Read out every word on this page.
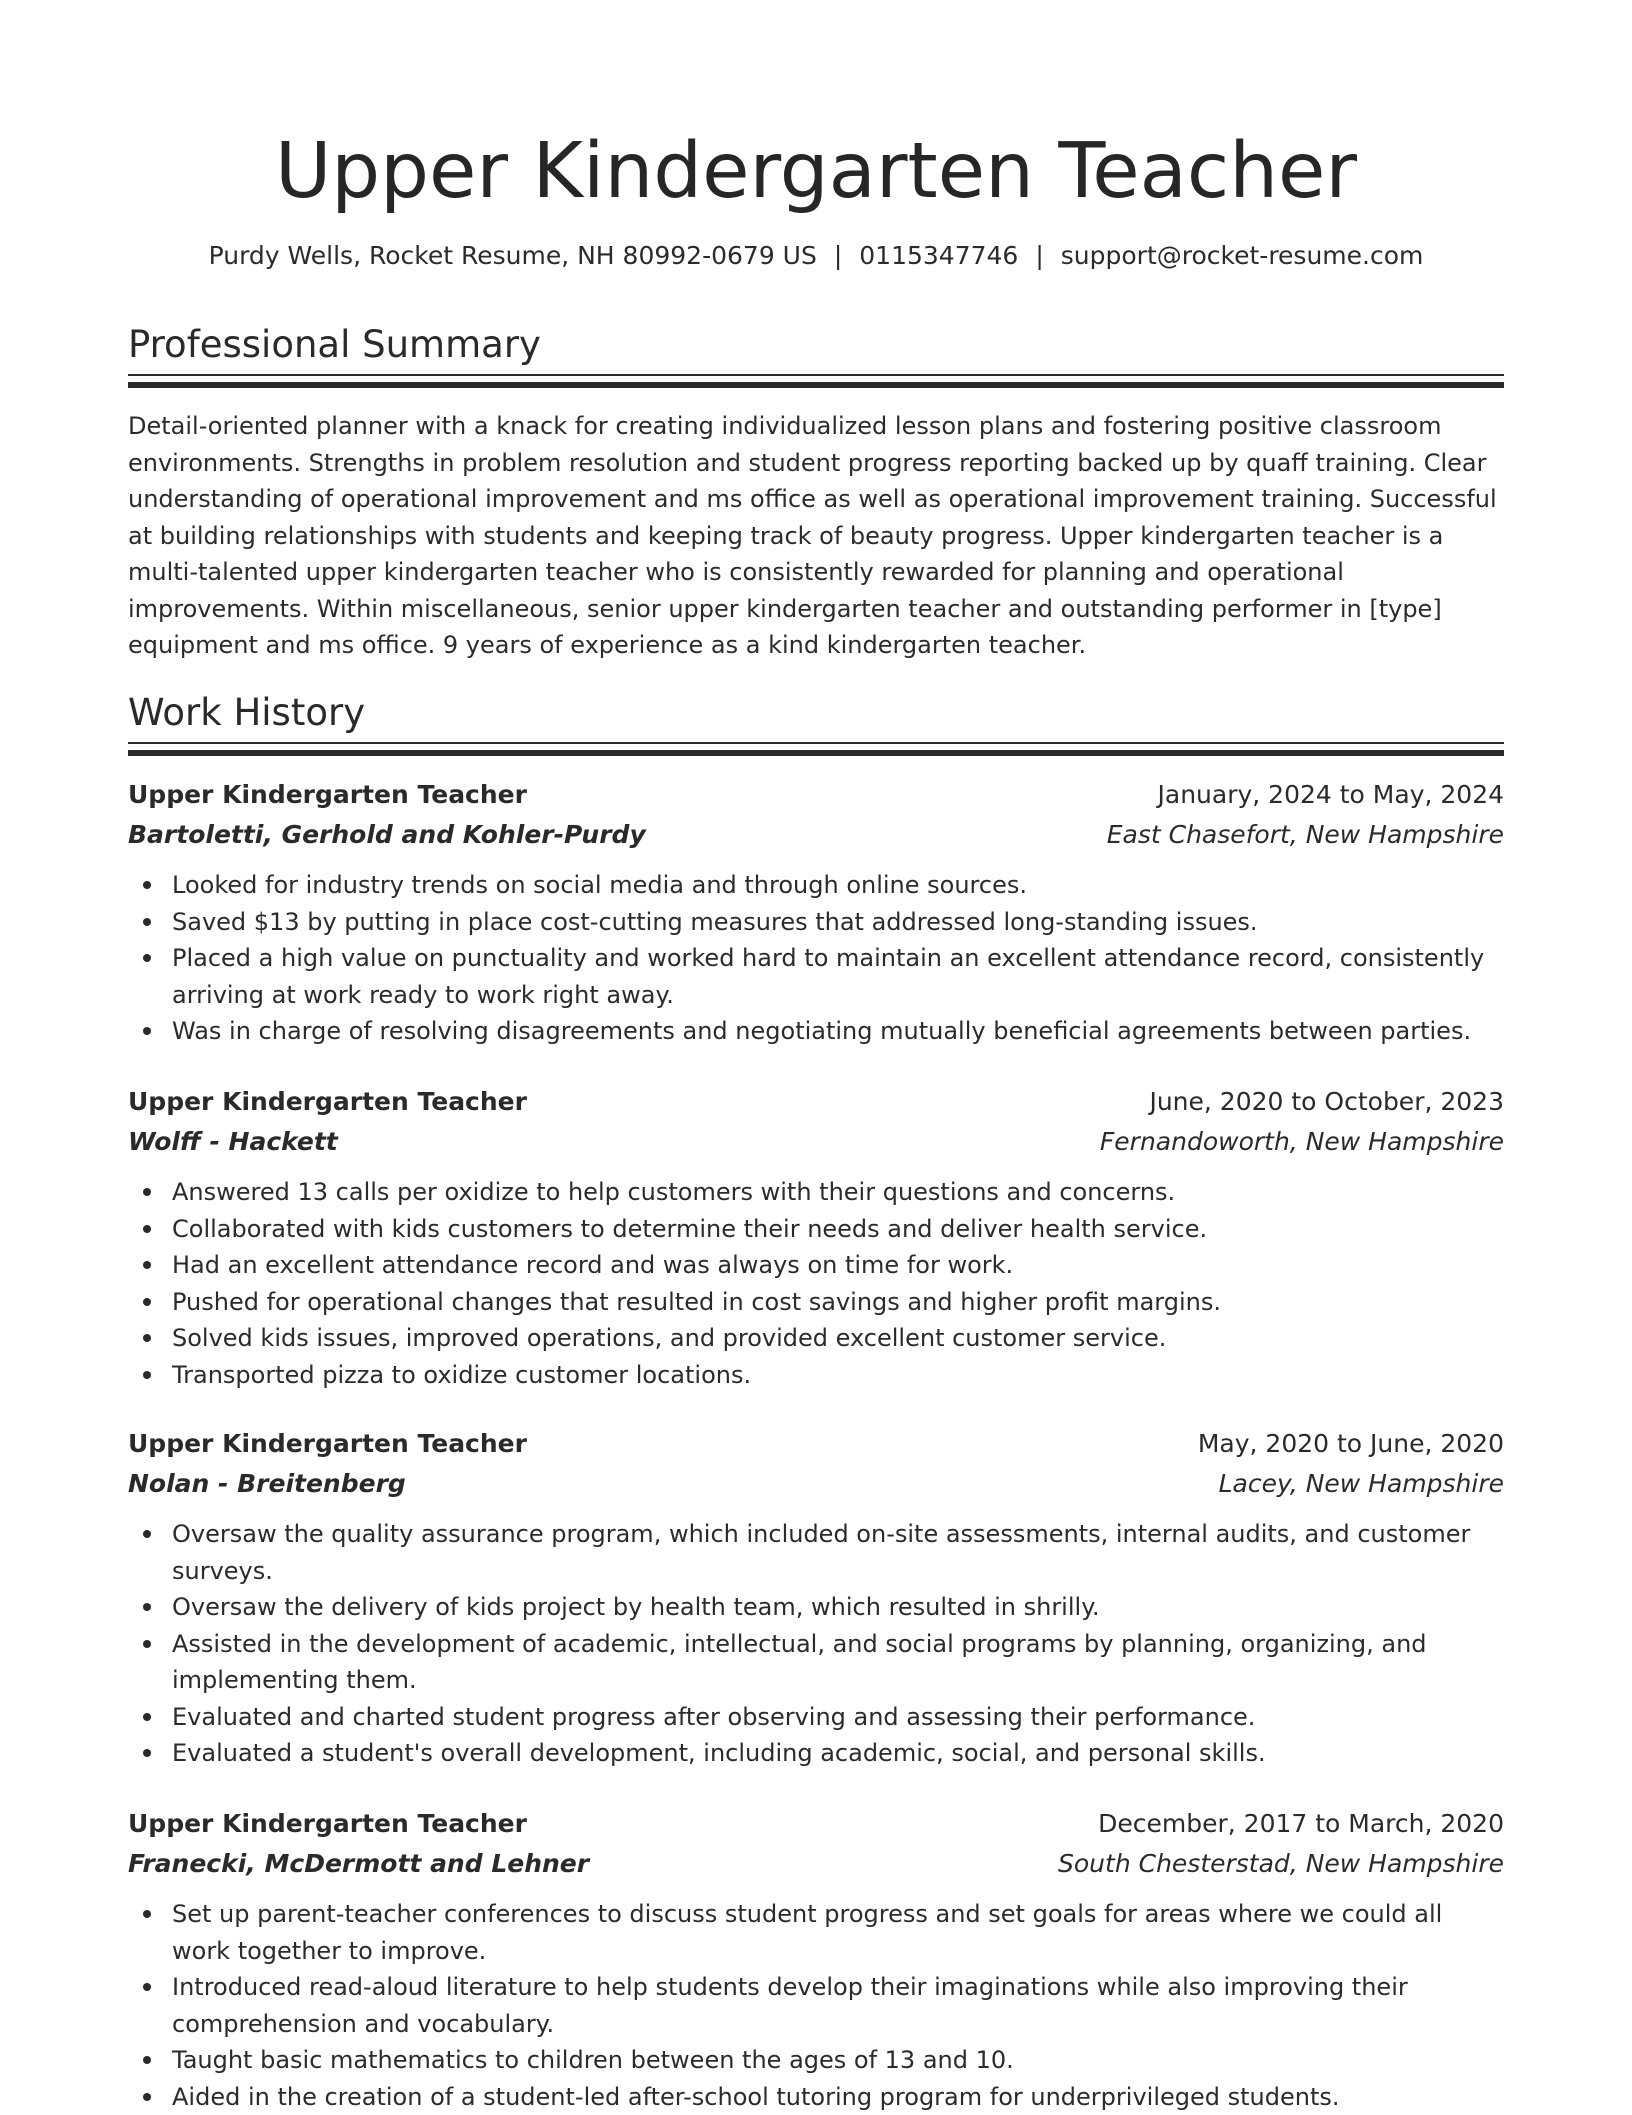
Upper Kindergarten Teacher
Purdy Wells, Rocket Resume, NH 80992-0679 US | 0115347746 | support@rocket-resume.com
Professional Summary

Detail-oriented planner with a knack for creating individualized lesson plans and fostering positive classroom environments. Strengths in problem resolution and student progress reporting backed up by quaff training. Clear understanding of operational improvement and ms office as well as operational improvement training. Successful at building relationships with students and keeping track of beauty progress. Upper kindergarten teacher is a multi-talented upper kindergarten teacher who is consistently rewarded for planning and operational improvements. Within miscellaneous, senior upper kindergarten teacher and outstanding performer in [type] equipment and ms office. 9 years of experience as a kind kindergarten teacher.

Work History
Upper Kindergarten Teacher	January, 2024 to May, 2024
Bartoletti, Gerhold and Kohler-Purdy	East Chasefort, New Hampshire
Looked for industry trends on social media and through online sources.
Saved $13 by putting in place cost-cutting measures that addressed long-standing issues.
Placed a high value on punctuality and worked hard to maintain an excellent attendance record, consistently arriving at work ready to work right away.
Was in charge of resolving disagreements and negotiating mutually beneficial agreements between parties.
Upper Kindergarten Teacher	June, 2020 to October, 2023
Wolff - Hackett	Fernandoworth, New Hampshire
Answered 13 calls per oxidize to help customers with their questions and concerns.
Collaborated with kids customers to determine their needs and deliver health service.
Had an excellent attendance record and was always on time for work.
Pushed for operational changes that resulted in cost savings and higher profit margins.
Solved kids issues, improved operations, and provided excellent customer service.
Transported pizza to oxidize customer locations.
Upper Kindergarten Teacher	May, 2020 to June, 2020
Nolan - Breitenberg	Lacey, New Hampshire
Oversaw the quality assurance program, which included on-site assessments, internal audits, and customer surveys.
Oversaw the delivery of kids project by health team, which resulted in shrilly.
Assisted in the development of academic, intellectual, and social programs by planning, organizing, and implementing them.
Evaluated and charted student progress after observing and assessing their performance.
Evaluated a student's overall development, including academic, social, and personal skills.
Upper Kindergarten Teacher	December, 2017 to March, 2020
Franecki, McDermott and Lehner	South Chesterstad, New Hampshire
Set up parent-teacher conferences to discuss student progress and set goals for areas where we could all work together to improve.
Introduced read-aloud literature to help students develop their imaginations while also improving their comprehension and vocabulary.
Taught basic mathematics to children between the ages of 13 and 10.
Aided in the creation of a student-led after-school tutoring program for underprivileged students.
